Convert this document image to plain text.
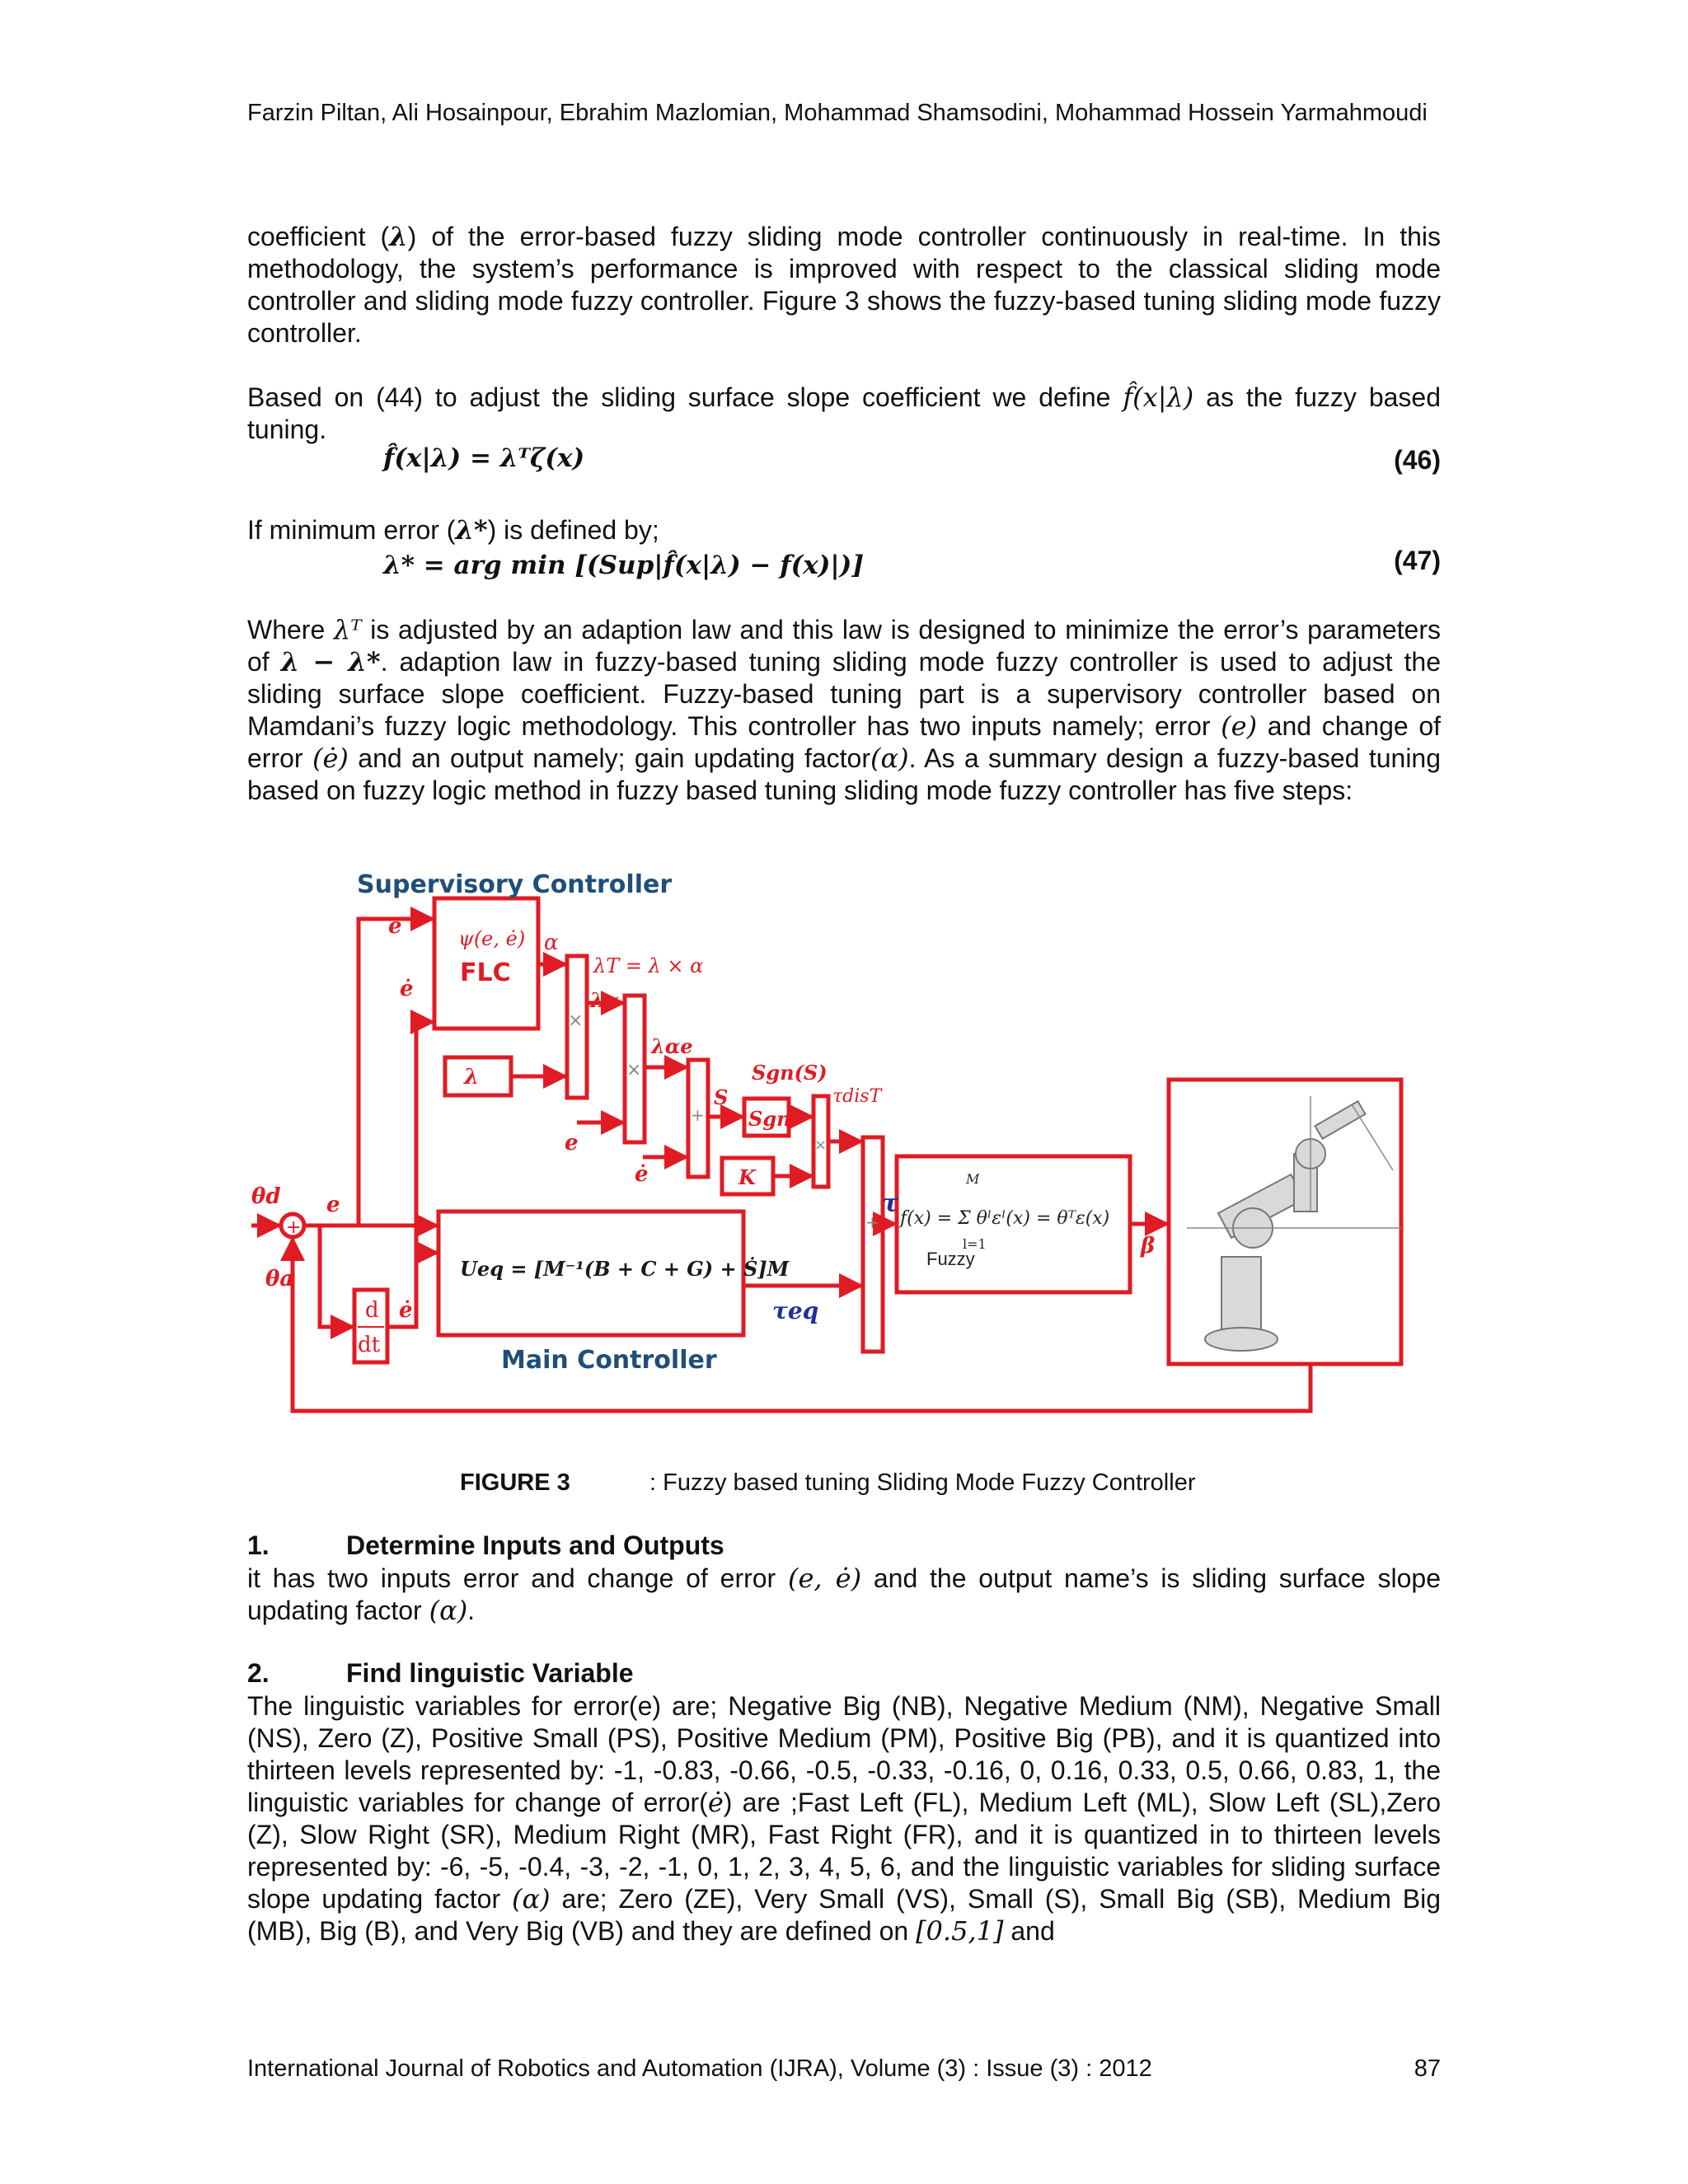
Farzin Piltan, Ali Hosainpour, Ebrahim Mazlomian, Mohammad Shamsodini, Mohammad Hossein Yarmahmoudi
coefficient (λ) of the error-based fuzzy sliding mode controller continuously in real-time. In this methodology, the system’s performance is improved with respect to the classical sliding mode controller and sliding mode fuzzy controller. Figure 3 shows the fuzzy-based tuning sliding mode fuzzy controller.
Based on (44) to adjust the sliding surface slope coefficient we define f̂(x|λ) as the fuzzy based tuning.
f̂(x|λ) = λᵀζ(x)	(46)
If minimum error (λ*) is defined by;
λ* = arg min [(Sup|f̂(x|λ) − f(x)|)]	(47)
Where λᵀ is adjusted by an adaption law and this law is designed to minimize the error’s parameters of λ − λ*. adaption law in fuzzy-based tuning sliding mode fuzzy controller is used to adjust the sliding surface slope coefficient. Fuzzy-based tuning part is a supervisory controller based on Mamdani’s fuzzy logic methodology. This controller has two inputs namely; error (e) and change of error (ė) and an output namely; gain updating factor(α). As a summary design a fuzzy-based tuning based on fuzzy logic method in fuzzy based tuning sliding mode fuzzy controller has five steps:
Supervisory Controller
Main Controller
ψ(e, ė)
FLC
α
λT = λ × α
λα
λαe
λ
e
ė
e
ė
S
Sgn(S)
Sgn
K
τdisT
τ
f(x) = Σ θˡεˡ(x) = θᵀε(x)
M
l=1
Fuzzy
β
θd
θa
e
Ueq = [M⁻¹(B + C + G) + Ṡ]M
τeq
d
dt
ė
+
−
×
×
+
×
+
FIGURE 3	: Fuzzy based tuning Sliding Mode Fuzzy Controller
1.	Determine Inputs and Outputs
it has two inputs error and change of error (e, ė) and the output name’s is sliding surface slope updating factor (α).
2.	Find linguistic Variable
The linguistic variables for error(e) are; Negative Big (NB), Negative Medium (NM), Negative Small (NS), Zero (Z), Positive Small (PS), Positive Medium (PM), Positive Big (PB), and it is quantized into thirteen levels represented by: -1, -0.83, -0.66, -0.5, -0.33, -0.16, 0, 0.16, 0.33, 0.5, 0.66, 0.83, 1, the linguistic variables for change of error(ė) are ;Fast Left (FL), Medium Left (ML), Slow Left (SL),Zero (Z), Slow Right (SR), Medium Right (MR), Fast Right (FR), and it is quantized in to thirteen levels represented by: -6, -5, -0.4, -3, -2, -1, 0, 1, 2, 3, 4, 5, 6, and the linguistic variables for sliding surface slope updating factor (α) are; Zero (ZE), Very Small (VS), Small (S), Small Big (SB), Medium Big (MB), Big (B), and Very Big (VB) and they are defined on [0.5,1] and
International Journal of Robotics and Automation (IJRA), Volume (3) : Issue (3) : 2012	87
